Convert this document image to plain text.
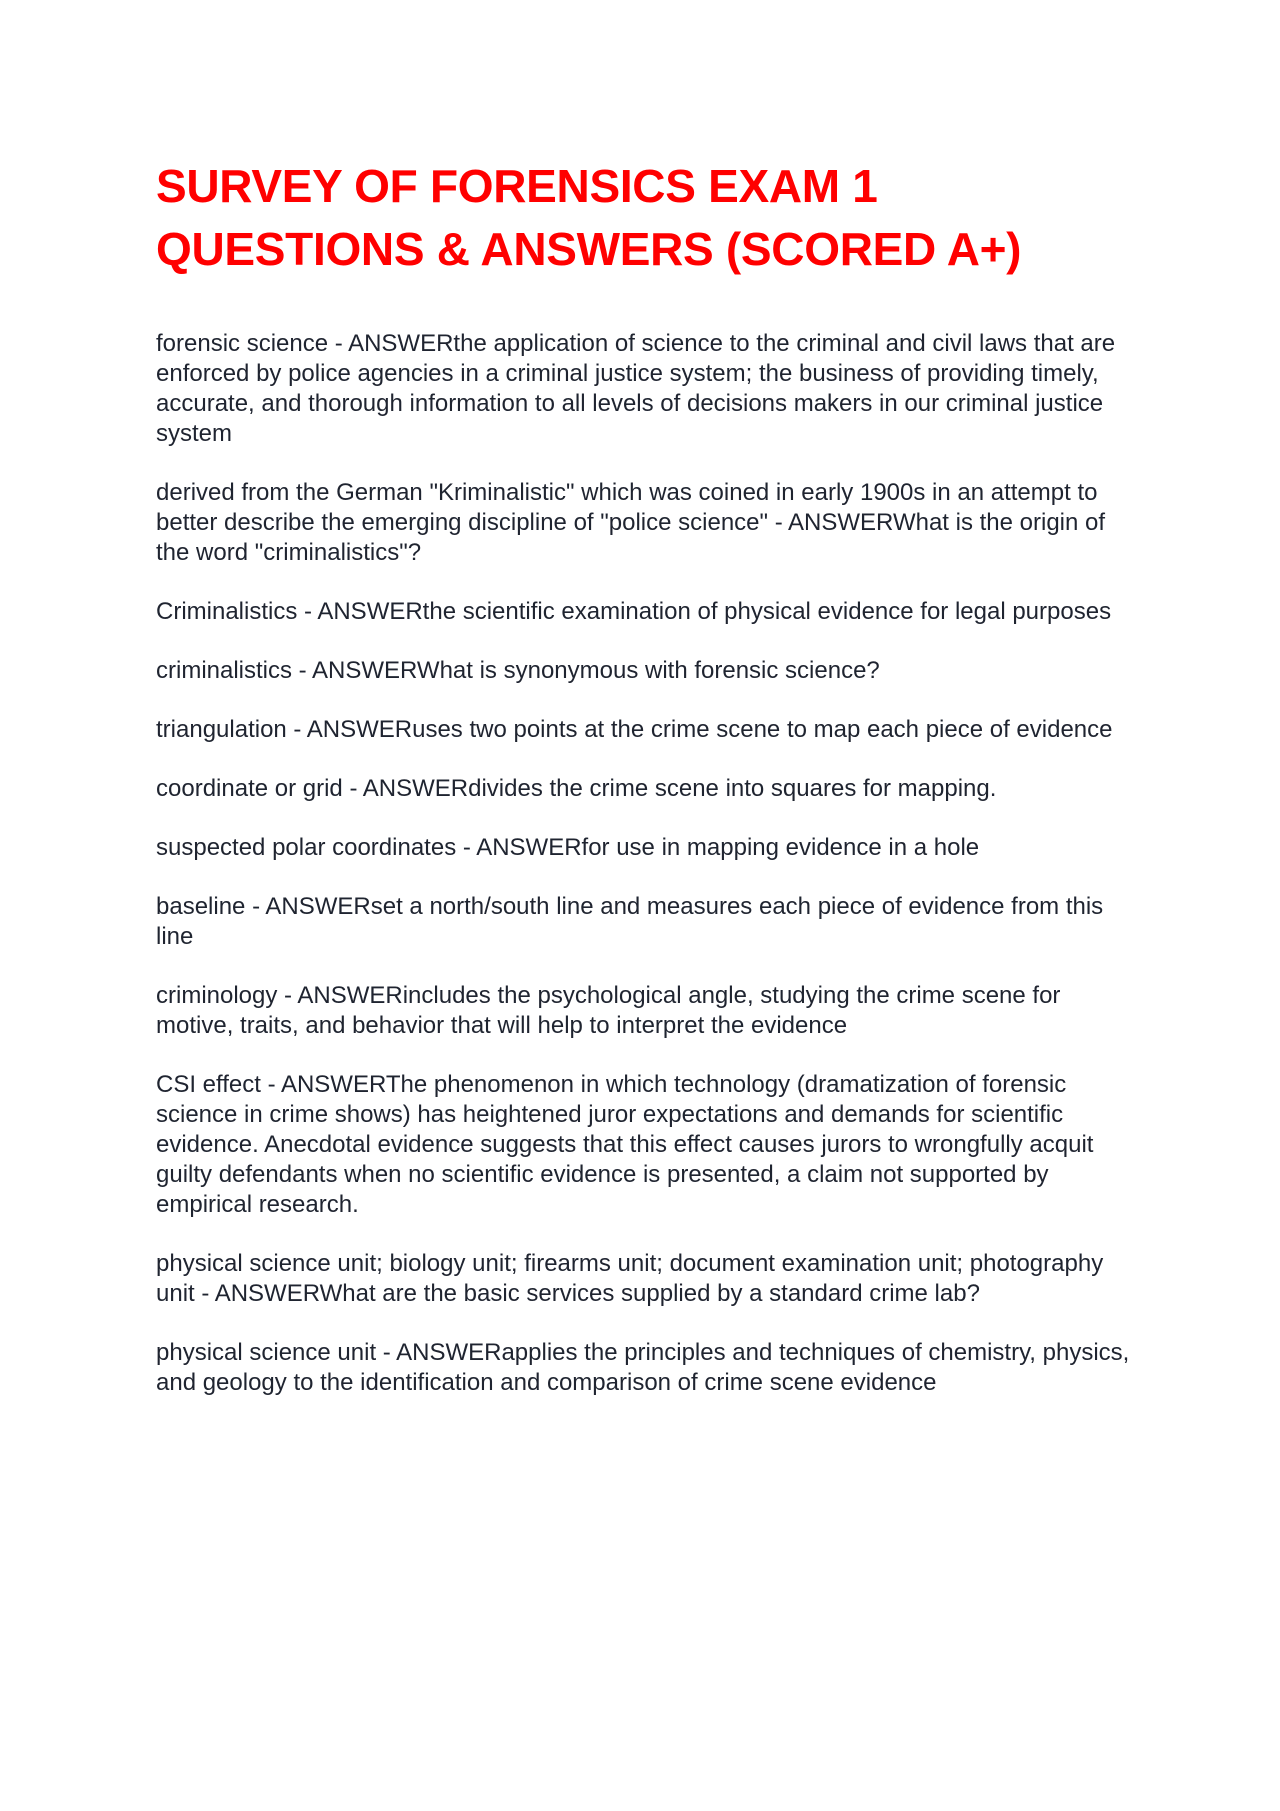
SURVEY OF FORENSICS EXAM 1 QUESTIONS & ANSWERS (SCORED A+)

forensic science - ANSWERthe application of science to the criminal and civil laws that are enforced by police agencies in a criminal justice system; the business of providing timely, accurate, and thorough information to all levels of decisions makers in our criminal justice system

derived from the German "Kriminalistic" which was coined in early 1900s in an attempt to better describe the emerging discipline of "police science" - ANSWERWhat is the origin of the word "criminalistics"?

Criminalistics - ANSWERthe scientific examination of physical evidence for legal purposes

criminalistics - ANSWERWhat is synonymous with forensic science?

triangulation - ANSWERuses two points at the crime scene to map each piece of evidence

coordinate or grid - ANSWERdivides the crime scene into squares for mapping.

suspected polar coordinates - ANSWERfor use in mapping evidence in a hole

baseline - ANSWERset a north/south line and measures each piece of evidence from this line

criminology - ANSWERincludes the psychological angle, studying the crime scene for motive, traits, and behavior that will help to interpret the evidence

CSI effect - ANSWERThe phenomenon in which technology (dramatization of forensic science in crime shows) has heightened juror expectations and demands for scientific evidence. Anecdotal evidence suggests that this effect causes jurors to wrongfully acquit guilty defendants when no scientific evidence is presented, a claim not supported by empirical research.

physical science unit; biology unit; firearms unit; document examination unit; photography unit - ANSWERWhat are the basic services supplied by a standard crime lab?

physical science unit - ANSWERapplies the principles and techniques of chemistry, physics, and geology to the identification and comparison of crime scene evidence
